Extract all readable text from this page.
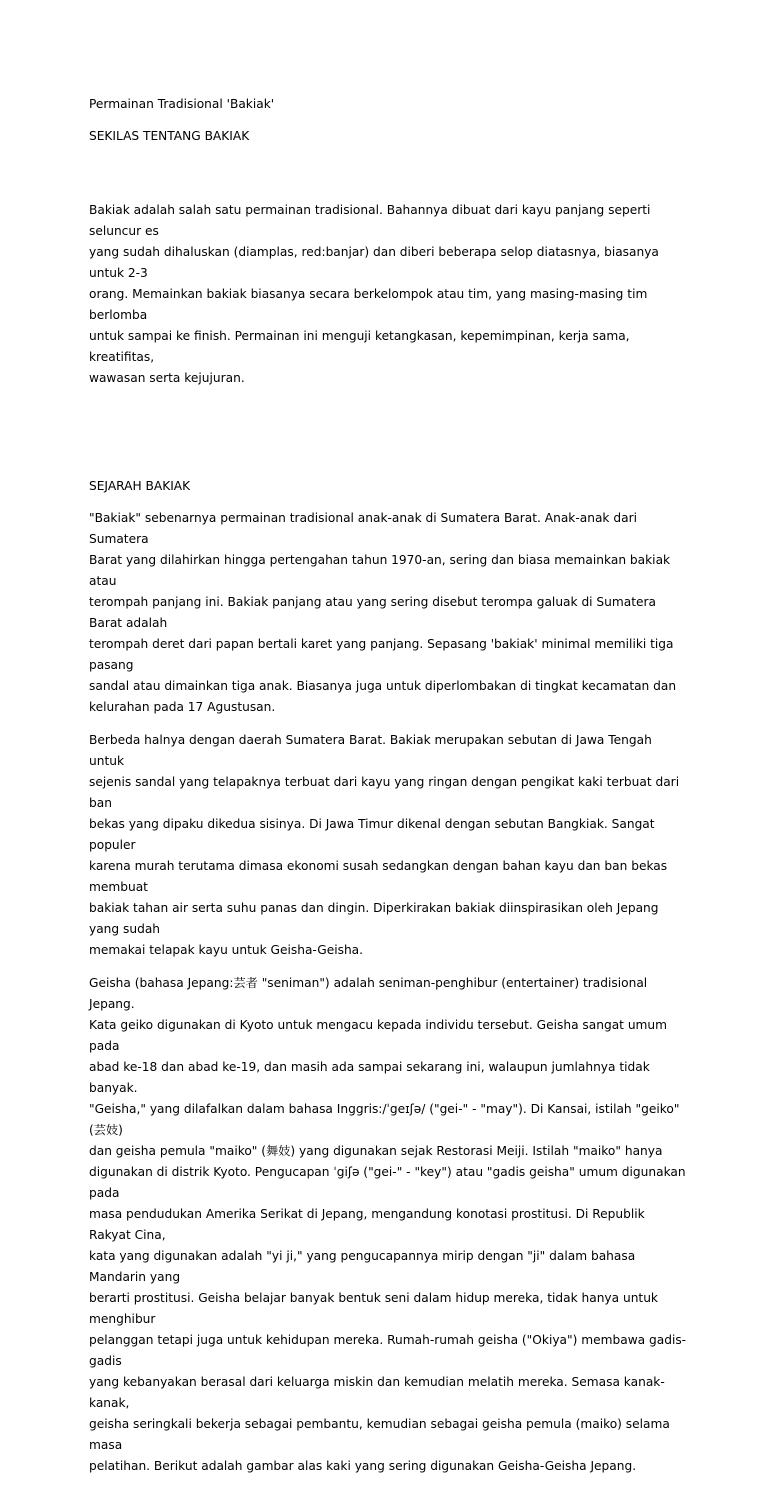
Permainan Tradisional 'Bakiak'

SEKILAS TENTANG BAKIAK

Bakiak adalah salah satu permainan tradisional. Bahannya dibuat dari kayu panjang seperti seluncur es
yang sudah dihaluskan (diamplas, red:banjar) dan diberi beberapa selop diatasnya, biasanya untuk 2-3
orang. Memainkan bakiak biasanya secara berkelompok atau tim, yang masing-masing tim berlomba
untuk sampai ke finish. Permainan ini menguji ketangkasan, kepemimpinan, kerja sama, kreatifitas,
wawasan serta kejujuran.

SEJARAH BAKIAK

"Bakiak" sebenarnya permainan tradisional anak-anak di Sumatera Barat. Anak-anak dari Sumatera
Barat yang dilahirkan hingga pertengahan tahun 1970-an, sering dan biasa memainkan bakiak atau
terompah panjang ini. Bakiak panjang atau yang sering disebut terompa galuak di Sumatera Barat adalah
terompah deret dari papan bertali karet yang panjang. Sepasang 'bakiak' minimal memiliki tiga pasang
sandal atau dimainkan tiga anak. Biasanya juga untuk diperlombakan di tingkat kecamatan dan
kelurahan pada 17 Agustusan.

Berbeda halnya dengan daerah Sumatera Barat. Bakiak merupakan sebutan di Jawa Tengah untuk
sejenis sandal yang telapaknya terbuat dari kayu yang ringan dengan pengikat kaki terbuat dari ban
bekas yang dipaku dikedua sisinya. Di Jawa Timur dikenal dengan sebutan Bangkiak. Sangat populer
karena murah terutama dimasa ekonomi susah sedangkan dengan bahan kayu dan ban bekas membuat
bakiak tahan air serta suhu panas dan dingin. Diperkirakan bakiak diinspirasikan oleh Jepang yang sudah
memakai telapak kayu untuk Geisha-Geisha.

Geisha (bahasa Jepang:芸者 "seniman") adalah seniman-penghibur (entertainer) tradisional Jepang.
Kata geiko digunakan di Kyoto untuk mengacu kepada individu tersebut. Geisha sangat umum pada
abad ke-18 dan abad ke-19, dan masih ada sampai sekarang ini, walaupun jumlahnya tidak banyak.
"Geisha," yang dilafalkan dalam bahasa Inggris:/ˈgeɪʃə/ ("gei-" - "may"). Di Kansai, istilah "geiko" (芸妓)
dan geisha pemula "maiko" (舞妓) yang digunakan sejak Restorasi Meiji. Istilah "maiko" hanya
digunakan di distrik Kyoto. Pengucapan ˈgiʃə ("gei-" - "key") atau "gadis geisha" umum digunakan pada
masa pendudukan Amerika Serikat di Jepang, mengandung konotasi prostitusi. Di Republik Rakyat Cina,
kata yang digunakan adalah "yi ji," yang pengucapannya mirip dengan "ji" dalam bahasa Mandarin yang
berarti prostitusi. Geisha belajar banyak bentuk seni dalam hidup mereka, tidak hanya untuk menghibur
pelanggan tetapi juga untuk kehidupan mereka. Rumah-rumah geisha ("Okiya") membawa gadis-gadis
yang kebanyakan berasal dari keluarga miskin dan kemudian melatih mereka. Semasa kanak-kanak,
geisha seringkali bekerja sebagai pembantu, kemudian sebagai geisha pemula (maiko) selama masa
pelatihan. Berikut adalah gambar alas kaki yang sering digunakan Geisha-Geisha Jepang.
